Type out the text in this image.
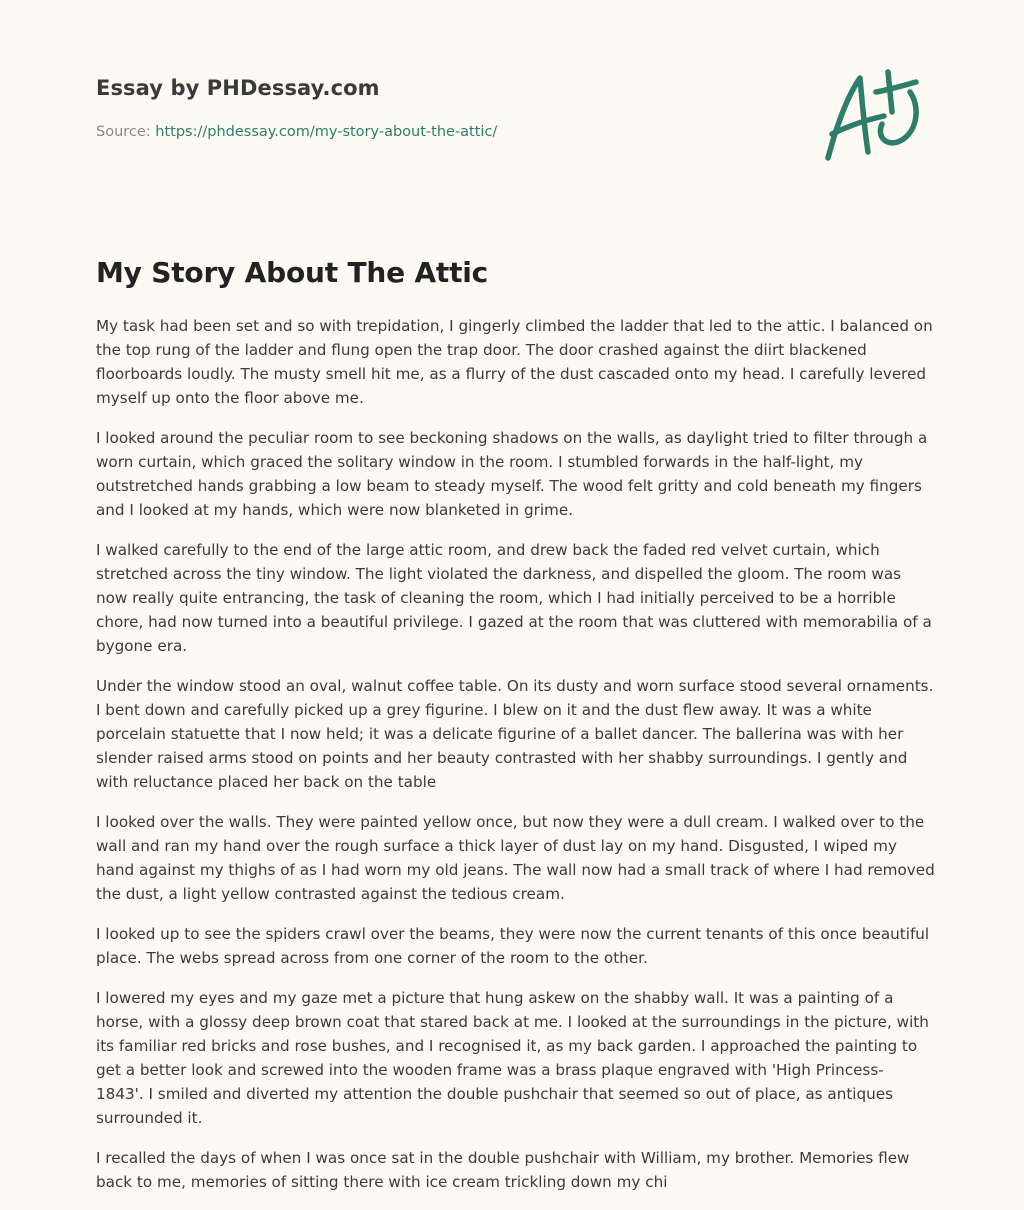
Essay by PHDessay.com
Source: https://phdessay.com/my-story-about-the-attic/
My Story About The Attic

My task had been set and so with trepidation, I gingerly climbed the ladder that led to the attic. I balanced on the top rung of the ladder and flung open the trap door. The door crashed against the diirt blackened floorboards loudly. The musty smell hit me, as a flurry of the dust cascaded onto my head. I carefully levered myself up onto the floor above me.

I looked around the peculiar room to see beckoning shadows on the walls, as daylight tried to filter through a worn curtain, which graced the solitary window in the room. I stumbled forwards in the half-light, my outstretched hands grabbing a low beam to steady myself. The wood felt gritty and cold beneath my fingers and I looked at my hands, which were now blanketed in grime.

I walked carefully to the end of the large attic room, and drew back the faded red velvet curtain, which stretched across the tiny window. The light violated the darkness, and dispelled the gloom. The room was now really quite entrancing, the task of cleaning the room, which I had initially perceived to be a horrible chore, had now turned into a beautiful privilege. I gazed at the room that was cluttered with memorabilia of a bygone era.

Under the window stood an oval, walnut coffee table. On its dusty and worn surface stood several ornaments. I bent down and carefully picked up a grey figurine. I blew on it and the dust flew away. It was a white porcelain statuette that I now held; it was a delicate figurine of a ballet dancer. The ballerina was with her slender raised arms stood on points and her beauty contrasted with her shabby surroundings. I gently and with reluctance placed her back on the table

I looked over the walls. They were painted yellow once, but now they were a dull cream. I walked over to the wall and ran my hand over the rough surface a thick layer of dust lay on my hand. Disgusted, I wiped my hand against my thighs of as I had worn my old jeans. The wall now had a small track of where I had removed the dust, a light yellow contrasted against the tedious cream.

I looked up to see the spiders crawl over the beams, they were now the current tenants of this once beautiful place. The webs spread across from one corner of the room to the other.

I lowered my eyes and my gaze met a picture that hung askew on the shabby wall. It was a painting of a horse, with a glossy deep brown coat that stared back at me. I looked at the surroundings in the picture, with its familiar red bricks and rose bushes, and I recognised it, as my back garden. I approached the painting to get a better look and screwed into the wooden frame was a brass plaque engraved with 'High Princess- 1843'. I smiled and diverted my attention the double pushchair that seemed so out of place, as antiques surrounded it.

I recalled the days of when I was once sat in the double pushchair with William, my brother. Memories flew back to me, memories of sitting there with ice cream trickling down my chi
